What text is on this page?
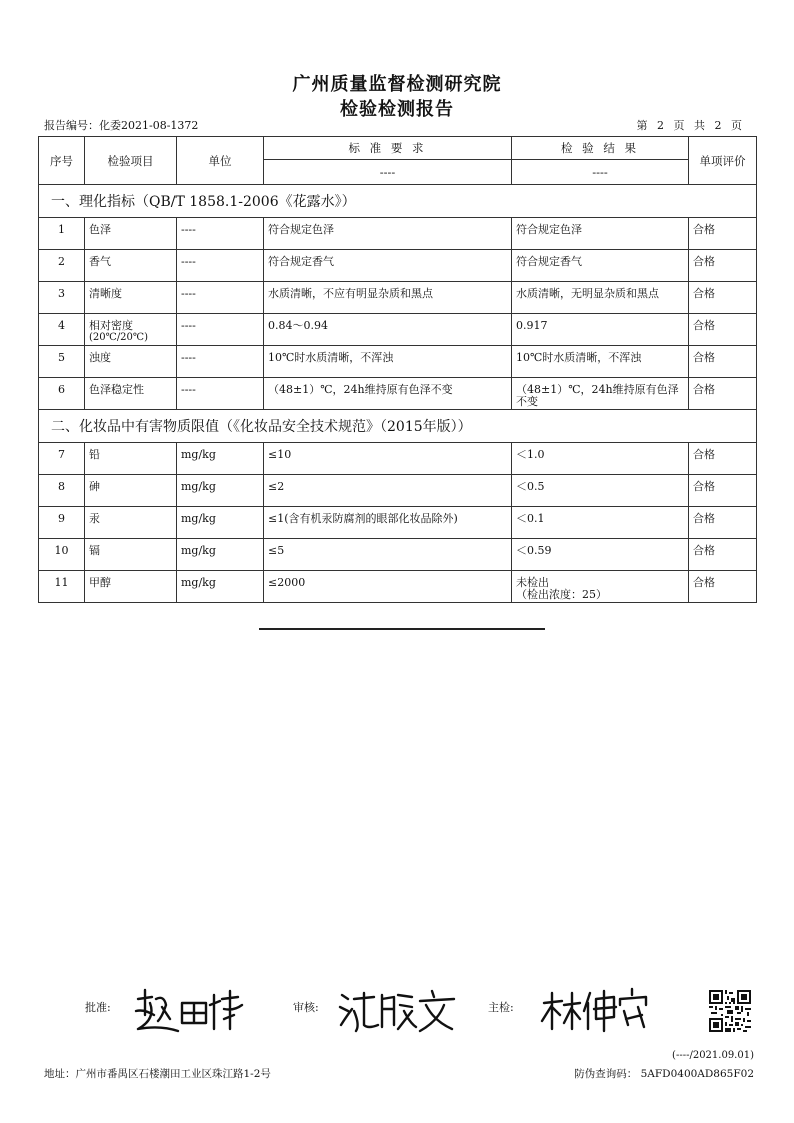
广州质量监督检测研究院
检验检测报告
报告编号：化委2021-08-1372	第 2 页 共 2 页
序号	检验项目	单位	标 准 要 求	检 验 结 果	单项评价
			----	----	
一、理化指标（QB/T 1858.1-2006《花露水》）					
1	色泽	----	符合规定色泽	符合规定色泽	合格
2	香气	----	符合规定香气	符合规定香气	合格
3	清晰度	----	水质清晰，不应有明显杂质和黑点	水质清晰，无明显杂质和黑点	合格
4	相对密度
(20℃/20℃)	----	0.84～0.94	0.917	合格
5	浊度	----	10℃时水质清晰，不浑浊	10℃时水质清晰，不浑浊	合格
6	色泽稳定性	----	（48±1）℃，24h维持原有色泽不变	（48±1）℃，24h维持原有色泽不变	合格
二、化妆品中有害物质限值（《化妆品安全技术规范》（2015年版））					
7	铅	mg/kg	≤10	＜1.0	合格
8	砷	mg/kg	≤2	＜0.5	合格
9	汞	mg/kg	≤1(含有机汞防腐剂的眼部化妆品除外)	＜0.1	合格
10	镉	mg/kg	≤5	＜0.59	合格
11	甲醇	mg/kg	≤2000	未检出
（检出浓度：25）	合格
批准:	审核:	主检:
(----/2021.09.01)
地址：广州市番禺区石楼潮田工业区珠江路1-2号	防伪查询码： 5AFD0400AD865F02
